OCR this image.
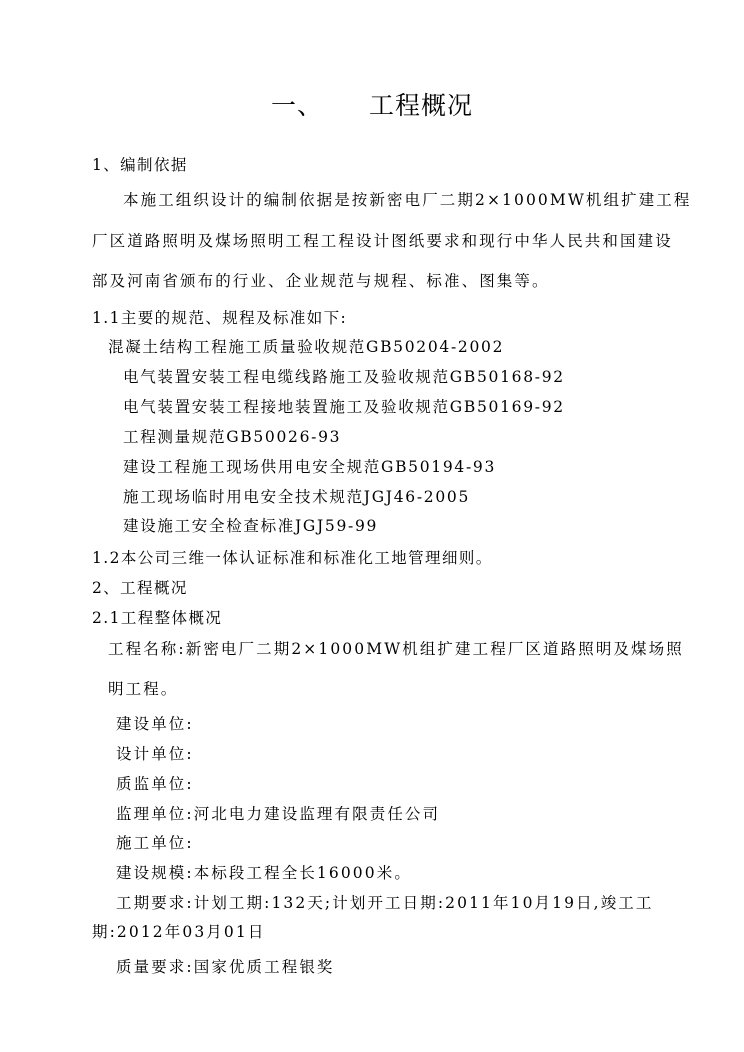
一、 工程概况
1、编制依据
本施工组织设计的编制依据是按新密电厂二期2×1000MW机组扩建工程
厂区道路照明及煤场照明工程工程设计图纸要求和现行中华人民共和国建设
部及河南省颁布的行业、企业规范与规程、标准、图集等。
1.1主要的规范、规程及标准如下:
混凝土结构工程施工质量验收规范GB50204-2002
电气装置安装工程电缆线路施工及验收规范GB50168-92
电气装置安装工程接地装置施工及验收规范GB50169-92
工程测量规范GB50026-93
建设工程施工现场供用电安全规范GB50194-93
施工现场临时用电安全技术规范JGJ46-2005
建设施工安全检查标准JGJ59-99
1.2本公司三维一体认证标准和标准化工地管理细则。
2、工程概况
2.1工程整体概况
工程名称:新密电厂二期2×1000MW机组扩建工程厂区道路照明及煤场照
明工程。
建设单位:
设计单位:
质监单位:
监理单位:河北电力建设监理有限责任公司
施工单位:
建设规模:本标段工程全长16000米。
工期要求:计划工期:132天;计划开工日期:2011年10月19日,竣工工
期:2012年03月01日
质量要求:国家优质工程银奖
